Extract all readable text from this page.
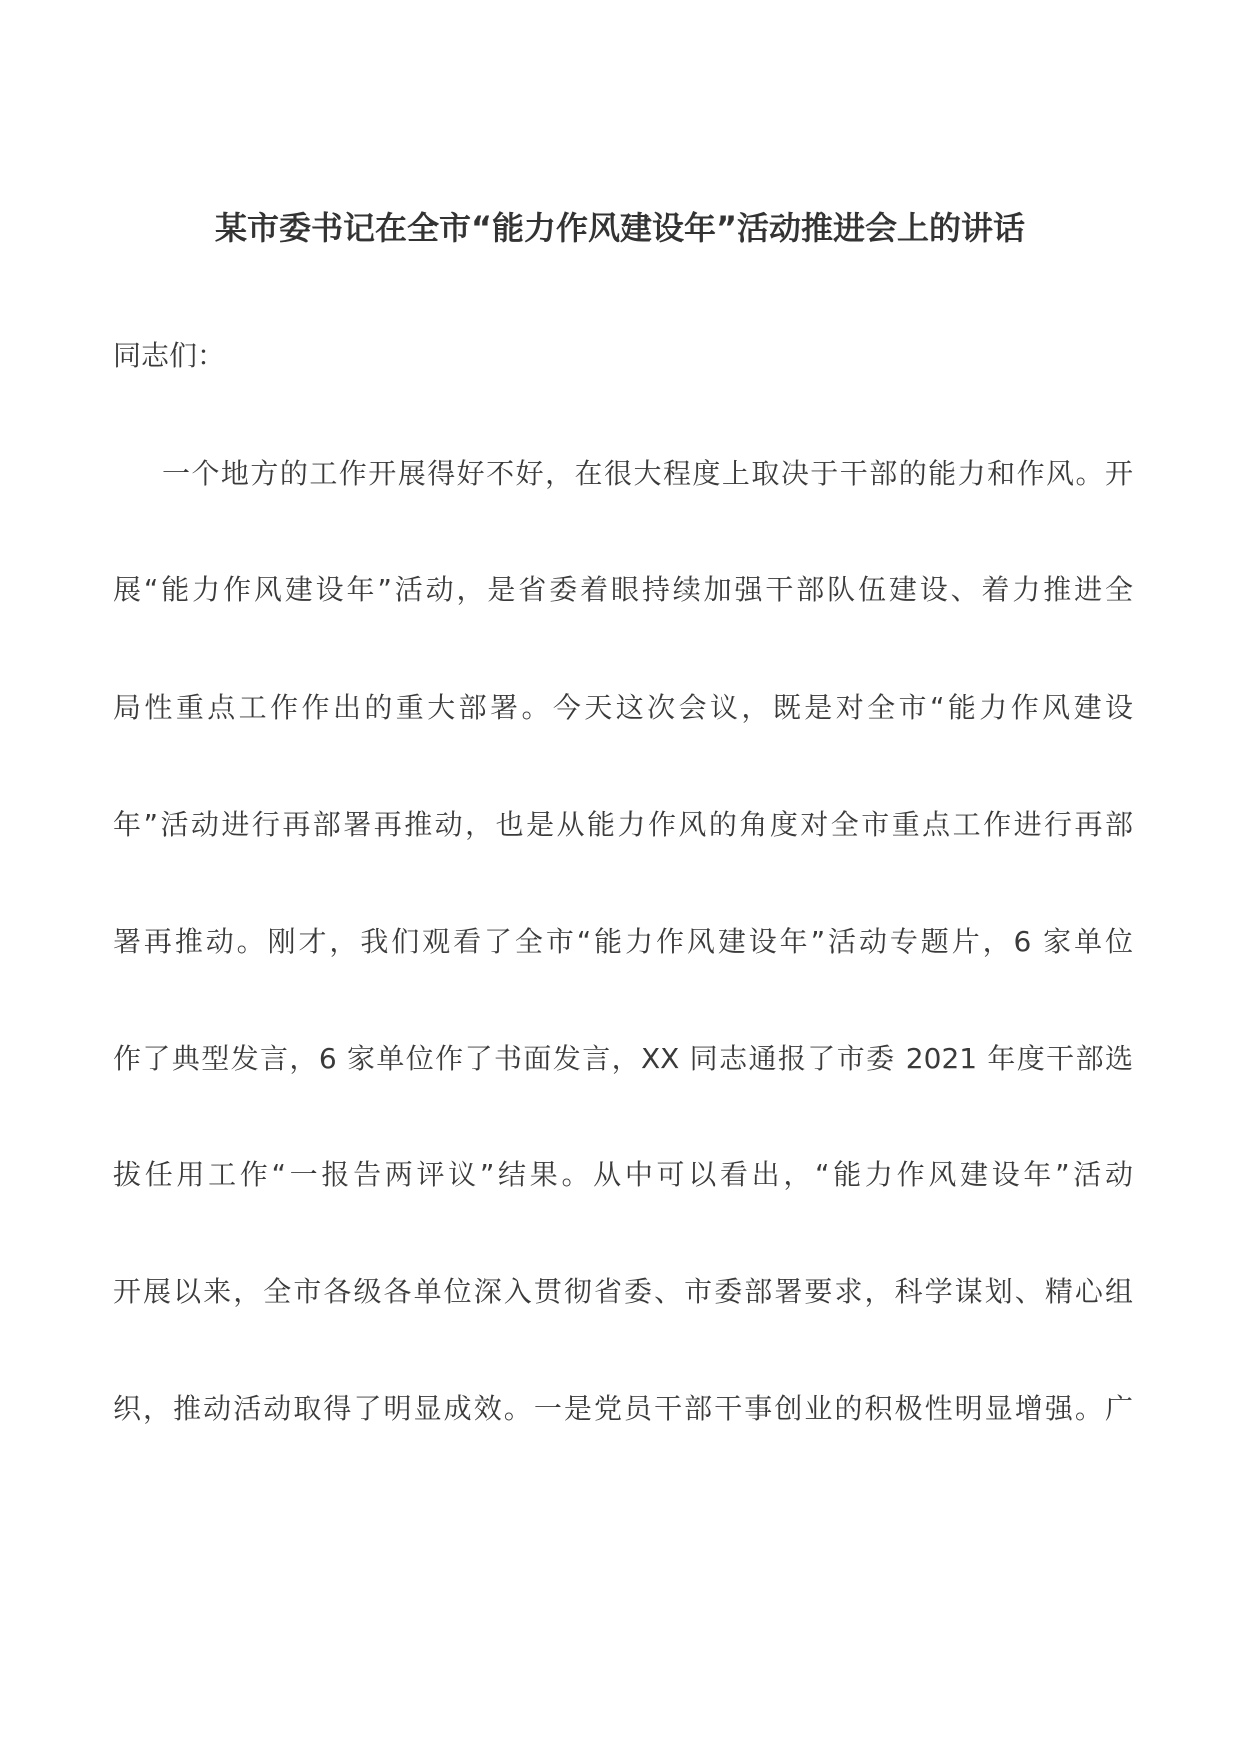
某市委书记在全市“能力作风建设年”活动推进会上的讲话

同志们：

一个地方的工作开展得好不好，在很大程度上取决于干部的能力和作风。开

展“能力作风建设年”活动，是省委着眼持续加强干部队伍建设、着力推进全

局性重点工作作出的重大部署。今天这次会议，既是对全市“能力作风建设

年”活动进行再部署再推动，也是从能力作风的角度对全市重点工作进行再部

署再推动。刚才，我们观看了全市“能力作风建设年”活动专题片，6 家单位

作了典型发言，6 家单位作了书面发言，XX 同志通报了市委 2021 年度干部选

拔任用工作“一报告两评议”结果。从中可以看出，“能力作风建设年”活动

开展以来，全市各级各单位深入贯彻省委、市委部署要求，科学谋划、精心组

织，推动活动取得了明显成效。一是党员干部干事创业的积极性明显增强。广
